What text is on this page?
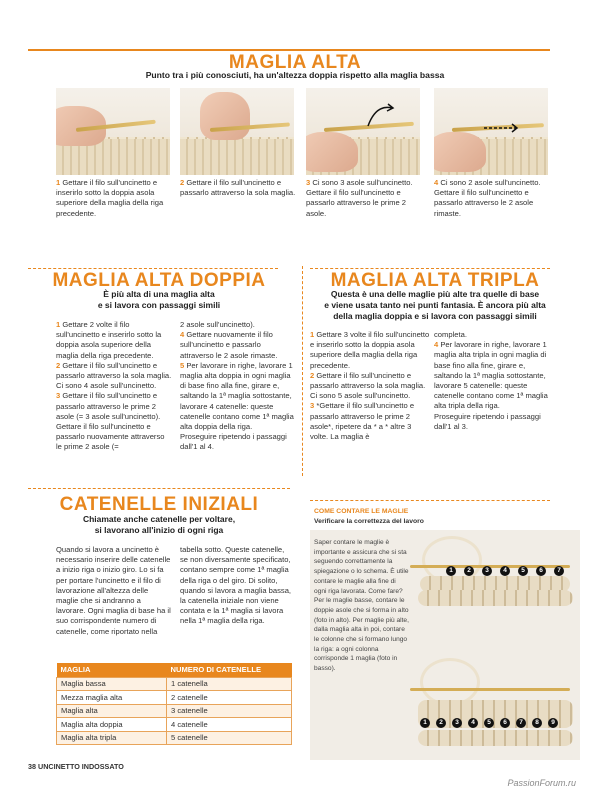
MAGLIA ALTA
Punto tra i più conosciuti, ha un'altezza doppia rispetto alla maglia bassa
1 Gettare il filo sull'uncinetto e inserirlo sotto la doppia asola superiore della maglia della riga precedente.
2 Gettare il filo sull'uncinetto e passarlo attraverso la sola maglia.
3 Ci sono 3 asole sull'uncinetto. Gettare il filo sull'uncinetto e passarlo attraverso le prime 2 asole.
4 Ci sono 2 asole sull'uncinetto. Gettare il filo sull'uncinetto e passarlo attraverso le 2 asole rimaste.
MAGLIA ALTA DOPPIA
È più alta di una maglia alta
e si lavora con passaggi simili

1 Gettare 2 volte il filo sull'uncinetto e inserirlo sotto la doppia asola superiore della maglia della riga precedente.

2 Gettare il filo sull'uncinetto e passarlo attraverso la sola maglia. Ci sono 4 asole sull'uncinetto.

3 Gettare il filo sull'uncinetto e passarlo attraverso le prime 2 asole (= 3 asole sull'uncinetto). Gettare il filo sull'uncinetto e passarlo nuovamente attraverso le prime 2 asole (=

2 asole sull'uncinetto).

4 Gettare nuovamente il filo sull'uncinetto e passarlo attraverso le 2 asole rimaste.

5 Per lavorare in righe, lavorare 1 maglia alta doppia in ogni maglia di base fino alla fine, girare e, saltando la 1ª maglia sottostante, lavorare 4 catenelle: queste catenelle contano come 1ª maglia alta doppia della riga.

Proseguire ripetendo i passaggi dall'1 al 4.

MAGLIA ALTA TRIPLA
Questa è una delle maglie più alte tra quelle di base
e viene usata tanto nei punti fantasia. È ancora più alta
della maglia doppia e si lavora con passaggi simili

1 Gettare 3 volte il filo sull'uncinetto e inserirlo sotto la doppia asola superiore della maglia della riga precedente.

2 Gettare il filo sull'uncinetto e passarlo attraverso la sola maglia. Ci sono 5 asole sull'uncinetto.

3 *Gettare il filo sull'uncinetto e passarlo attraverso le prime 2 asole*, ripetere da * a * altre 3 volte. La maglia è

completa.

4 Per lavorare in righe, lavorare 1 maglia alta tripla in ogni maglia di base fino alla fine, girare e, saltando la 1ª maglia sottostante, lavorare 5 catenelle: queste catenelle contano come 1ª maglia alta tripla della riga.

Proseguire ripetendo i passaggi dall'1 al 3.

CATENELLE INIZIALI
Chiamate anche catenelle per voltare,
si lavorano all'inizio di ogni riga
Quando si lavora a uncinetto è necessario inserire delle catenelle a inizio riga o inizio giro. Lo si fa per portare l'uncinetto e il filo di lavorazione all'altezza delle maglie che si andranno a lavorare. Ogni maglia di base ha il suo corrispondente numero di catenelle, come riportato nella
tabella sotto. Queste catenelle, se non diversamente specificato, contano sempre come 1ª maglia della riga o del giro. Di solito, quando si lavora a maglia bassa, la catenella iniziale non viene contata e la 1ª maglia si lavora nella 1ª maglia della riga.
MAGLIA	NUMERO DI CATENELLE
Maglia bassa	1 catenella
Mezza maglia alta	2 catenelle
Maglia alta	3 catenelle
Maglia alta doppia	4 catenelle
Maglia alta tripla	5 catenelle
COME CONTARE LE MAGLIE
Verificare la correttezza del lavoro
Saper contare le maglie è importante e assicura che si sta seguendo correttamente la spiegazione o lo schema. È utile contare le maglie alla fine di ogni riga lavorata. Come fare? Per le maglie basse, contare le doppie asole che si forma in alto (foto in alto). Per maglie più alte, dalla maglia alta in poi, contare le colonne che si formano lungo la riga: a ogni colonna corrisponde 1 maglia (foto in basso).
1	2	3	4	5	6	7
1	2	3	4	5	6	7	8	9
38 UNCINETTO INDOSSATO
PassionForum.ru
